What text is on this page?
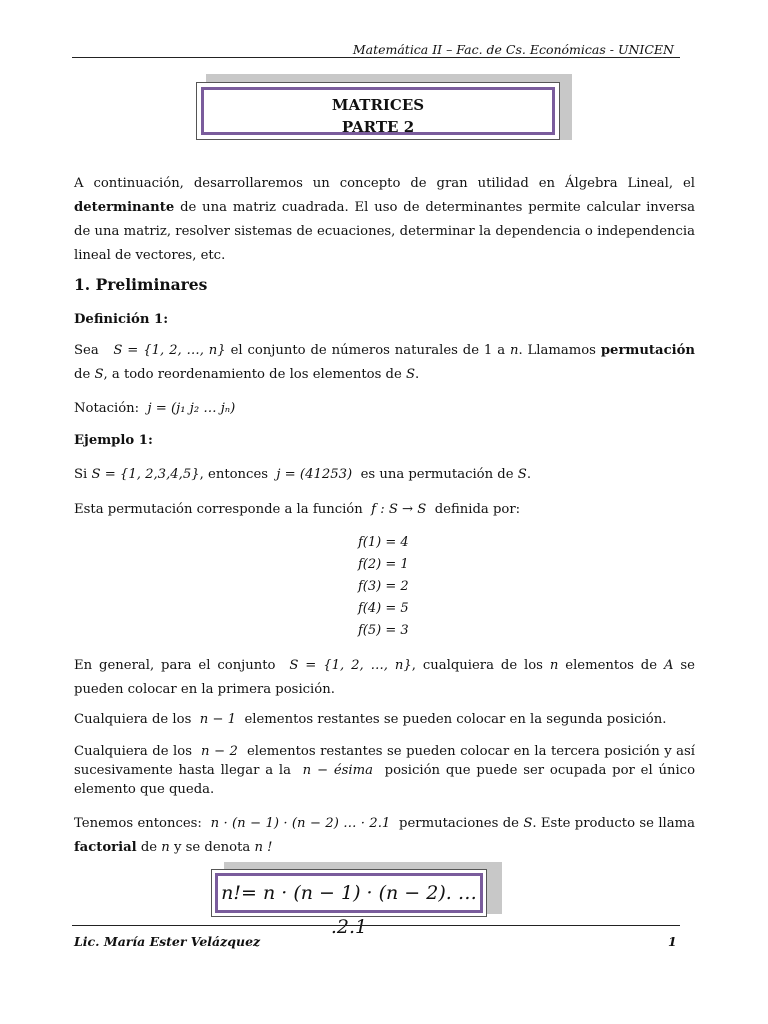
Matemática II – Fac. de Cs. Económicas - UNICEN
MATRICES
PARTE 2
A continuación, desarrollaremos un concepto de gran utilidad en Álgebra Lineal, el determinante de una matriz cuadrada. El uso de determinantes permite calcular inversa de una matriz, resolver sistemas de ecuaciones, determinar la dependencia o independencia lineal de vectores, etc.
1. Preliminares
Definición 1:
Sea S = {1, 2, …, n} el conjunto de números naturales de 1 a n. Llamamos permutación de S, a todo reordenamiento de los elementos de S.
Notación: j = (j₁ j₂ … jₙ)
Ejemplo 1:
Si S = {1, 2,3,4,5}, entonces j = (41253) es una permutación de S.
Esta permutación corresponde a la función f : S → S definida por:
f(1) = 4
f(2) = 1
f(3) = 2
f(4) = 5
f(5) = 3
En general, para el conjunto S = {1, 2, …, n}, cualquiera de los n elementos de A se pueden colocar en la primera posición.
Cualquiera de los n − 1 elementos restantes se pueden colocar en la segunda posición.
Cualquiera de los n − 2 elementos restantes se pueden colocar en la tercera posición y así sucesivamente hasta llegar a la n − ésima posición que puede ser ocupada por el único elemento que queda.
Tenemos entonces: n · (n − 1) · (n − 2) … · 2.1 permutaciones de S. Este producto se llama factorial de n y se denota n !
n!= n · (n − 1) · (n − 2). … .2.1
Lic. María Ester Velázquez	1
